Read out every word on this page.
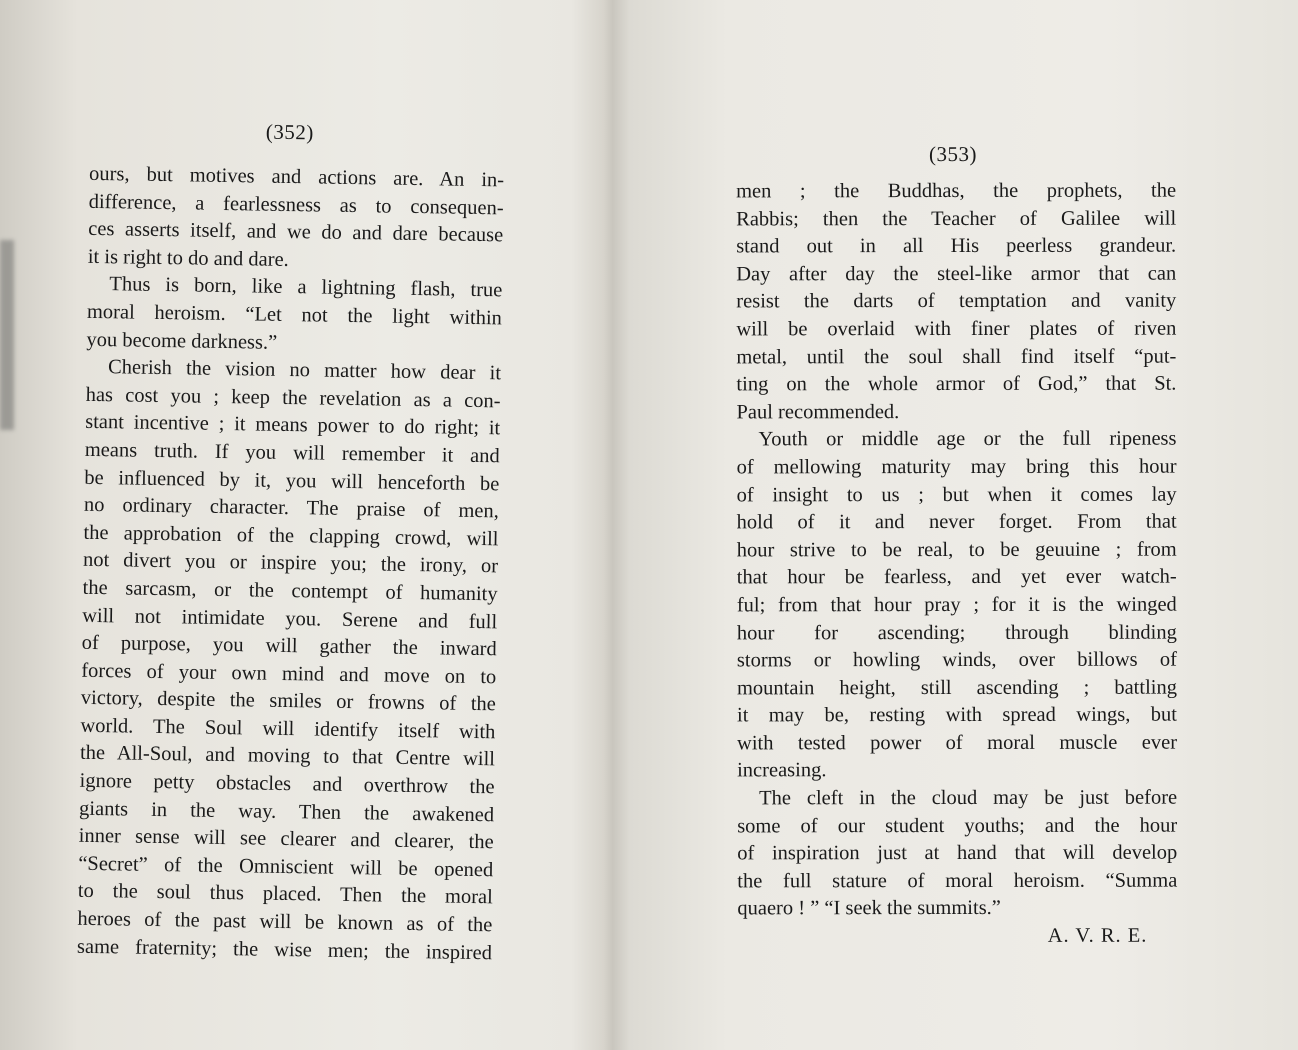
(352)
ours, but motives and actions are. An in-
difference, a fearlessness as to consequen-
ces asserts itself, and we do and dare because
it is right to do and dare.
Thus is born, like a lightning flash, true
moral heroism. “Let not the light within
you become darkness.”
Cherish the vision no matter how dear it
has cost you ; keep the revelation as a con-
stant incentive ; it means power to do right; it
means truth. If you will remember it and
be influenced by it, you will henceforth be
no ordinary character. The praise of men,
the approbation of the clapping crowd, will
not divert you or inspire you; the irony, or
the sarcasm, or the contempt of humanity
will not intimidate you. Serene and full
of purpose, you will gather the inward
forces of your own mind and move on to
victory, despite the smiles or frowns of the
world. The Soul will identify itself with
the All-Soul, and moving to that Centre will
ignore petty obstacles and overthrow the
giants in the way. Then the awakened
inner sense will see clearer and clearer, the
“Secret” of the Omniscient will be opened
to the soul thus placed. Then the moral
heroes of the past will be known as of the
same fraternity; the wise men; the inspired
(353)
men ; the Buddhas, the prophets, the
Rabbis; then the Teacher of Galilee will
stand out in all His peerless grandeur.
Day after day the steel-like armor that can
resist the darts of temptation and vanity
will be overlaid with finer plates of riven
metal, until the soul shall find itself “put-
ting on the whole armor of God,” that St.
Paul recommended.
Youth or middle age or the full ripeness
of mellowing maturity may bring this hour
of insight to us ; but when it comes lay
hold of it and never forget. From that
hour strive to be real, to be geuuine ; from
that hour be fearless, and yet ever watch-
ful; from that hour pray ; for it is the winged
hour for ascending; through blinding
storms or howling winds, over billows of
mountain height, still ascending ; battling
it may be, resting with spread wings, but
with tested power of moral muscle ever
increasing.
The cleft in the cloud may be just before
some of our student youths; and the hour
of inspiration just at hand that will develop
the full stature of moral heroism. “Summa
quaero ! ” “I seek the summits.”
A. V. R. E.
